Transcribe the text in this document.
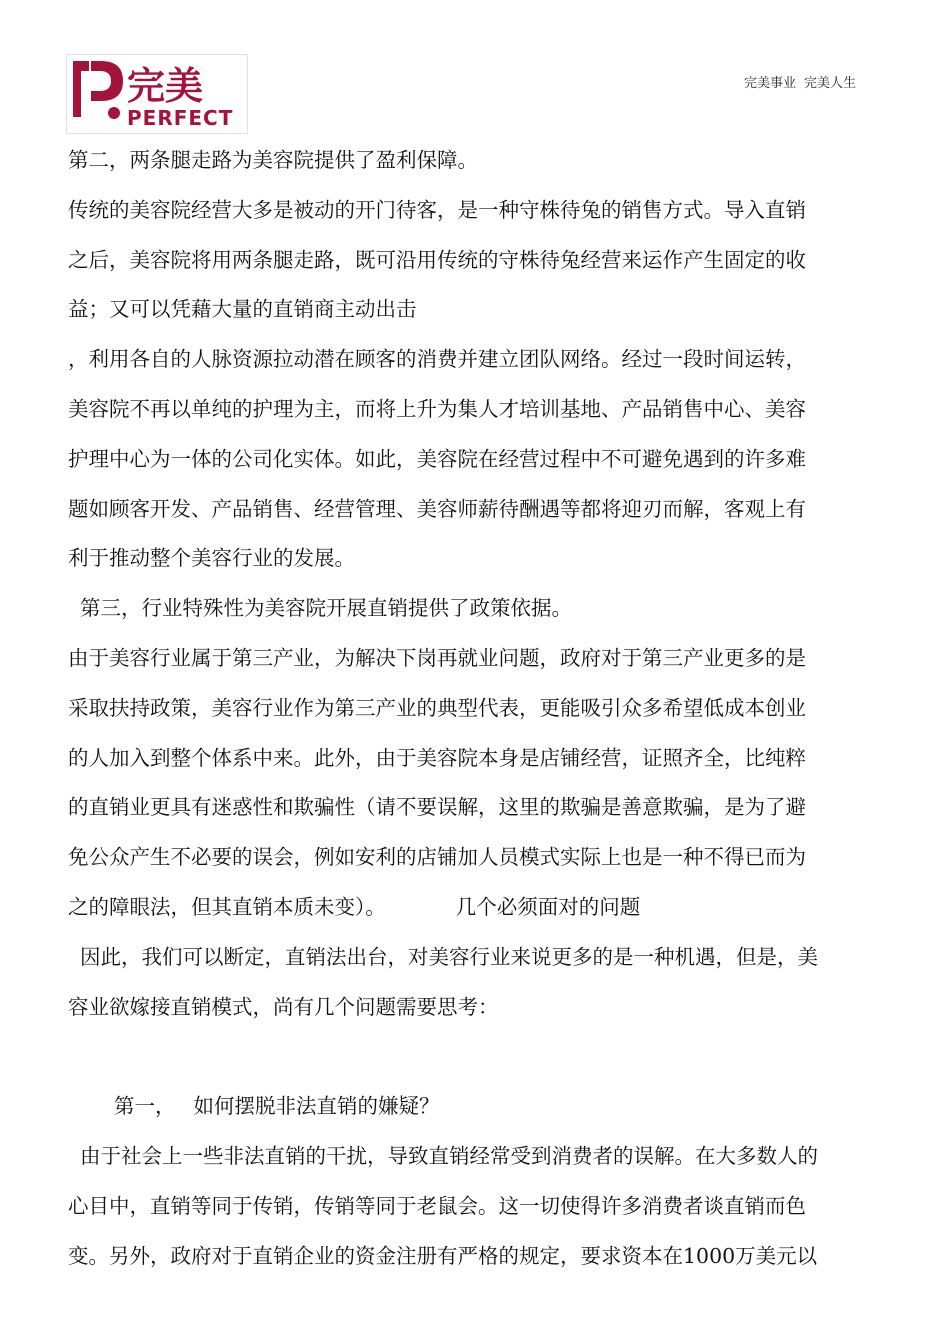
完美
PERFECT
完美事业 完美人生
第二，两条腿走路为美容院提供了盈利保障。
传统的美容院经营大多是被动的开门待客，是一种守株待兔的销售方式。导入直销
之后，美容院将用两条腿走路，既可沿用传统的守株待兔经营来运作产生固定的收
益；又可以凭藉大量的直销商主动出击
，利用各自的人脉资源拉动潜在顾客的消费并建立团队网络。经过一段时间运转，
美容院不再以单纯的护理为主，而将上升为集人才培训基地、产品销售中心、美容
护理中心为一体的公司化实体。如此，美容院在经营过程中不可避免遇到的许多难
题如顾客开发、产品销售、经营管理、美容师薪待酬遇等都将迎刃而解，客观上有
利于推动整个美容行业的发展。
第三，行业特殊性为美容院开展直销提供了政策依据。
由于美容行业属于第三产业，为解决下岗再就业问题，政府对于第三产业更多的是
采取扶持政策，美容行业作为第三产业的典型代表，更能吸引众多希望低成本创业
的人加入到整个体系中来。此外，由于美容院本身是店铺经营，证照齐全，比纯粹
的直销业更具有迷惑性和欺骗性（请不要误解，这里的欺骗是善意欺骗，是为了避
免公众产生不必要的误会，例如安利的店铺加人员模式实际上也是一种不得已而为
之的障眼法，但其直销本质未变）。	几个必须面对的问题
因此，我们可以断定，直销法出台，对美容行业来说更多的是一种机遇，但是，美
容业欲嫁接直销模式，尚有几个问题需要思考：
第一， 如何摆脱非法直销的嫌疑？
由于社会上一些非法直销的干扰，导致直销经常受到消费者的误解。在大多数人的
心目中，直销等同于传销，传销等同于老鼠会。这一切使得许多消费者谈直销而色
变。另外，政府对于直销企业的资金注册有严格的规定，要求资本在1000万美元以
